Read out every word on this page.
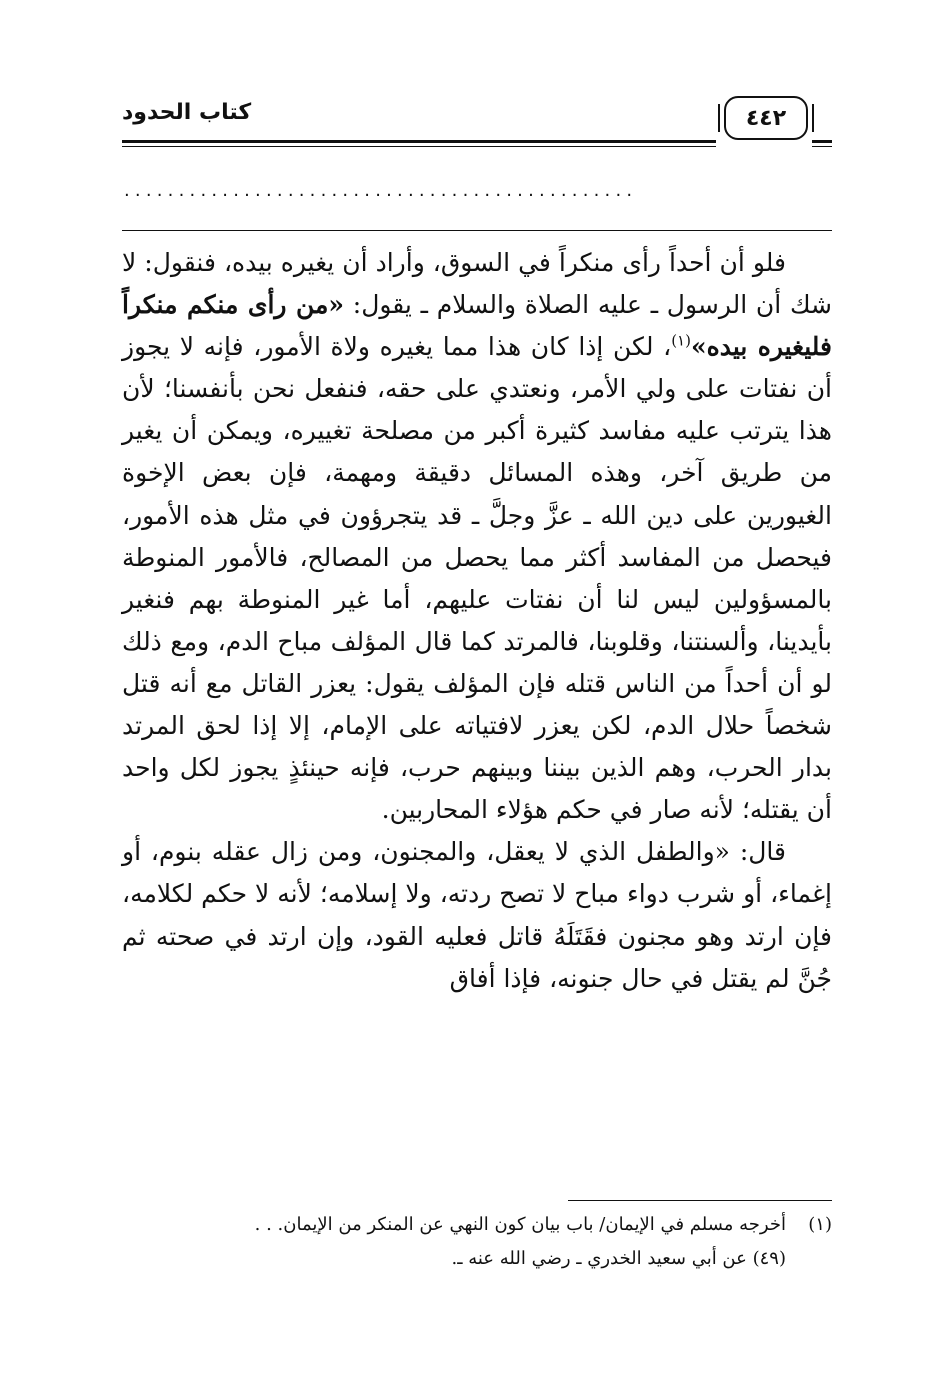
كتاب الحدود	٤٤٢
...............................................

فلو أن أحداً رأى منكراً في السوق، وأراد أن يغيره بيده، فنقول: لا شك أن الرسول ـ عليه الصلاة والسلام ـ يقول: «من رأى منكم منكراً فليغيره بيده»$^{(١)}$، لكن إذا كان هذا مما يغيره ولاة الأمور، فإنه لا يجوز أن نفتات على ولي الأمر، ونعتدي على حقه، فنفعل نحن بأنفسنا؛ لأن هذا يترتب عليه مفاسد كثيرة أكبر من مصلحة تغييره، ويمكن أن يغير من طريق آخر، وهذه المسائل دقيقة ومهمة، فإن بعض الإخوة الغيورين على دين الله ـ عزَّ وجلَّ ـ قد يتجرؤون في مثل هذه الأمور، فيحصل من المفاسد أكثر مما يحصل من المصالح، فالأمور المنوطة بالمسؤولين ليس لنا أن نفتات عليهم، أما غير المنوطة بهم فنغير بأيدينا، وألسنتنا، وقلوبنا، فالمرتد كما قال المؤلف مباح الدم، ومع ذلك لو أن أحداً من الناس قتله فإن المؤلف يقول: يعزر القاتل مع أنه قتل شخصاً حلال الدم، لكن يعزر لافتياته على الإمام، إلا إذا لحق المرتد بدار الحرب، وهم الذين بيننا وبينهم حرب، فإنه حينئذٍ يجوز لكل واحد أن يقتله؛ لأنه صار في حكم هؤلاء المحاربين.

قال: «والطفل الذي لا يعقل، والمجنون، ومن زال عقله بنوم، أو إغماء، أو شرب دواء مباح لا تصح ردته، ولا إسلامه؛ لأنه لا حكم لكلامه، فإن ارتد وهو مجنون فقَتَلَهُ قاتل فعليه القود، وإن ارتد في صحته ثم جُنَّ لم يقتل في حال جنونه، فإذا أفاق

(١)
أخرجه مسلم في الإيمان/ باب بيان كون النهي عن المنكر من الإيمان. . .
(٤٩) عن أبي سعيد الخدري ـ رضي الله عنه ـ.
